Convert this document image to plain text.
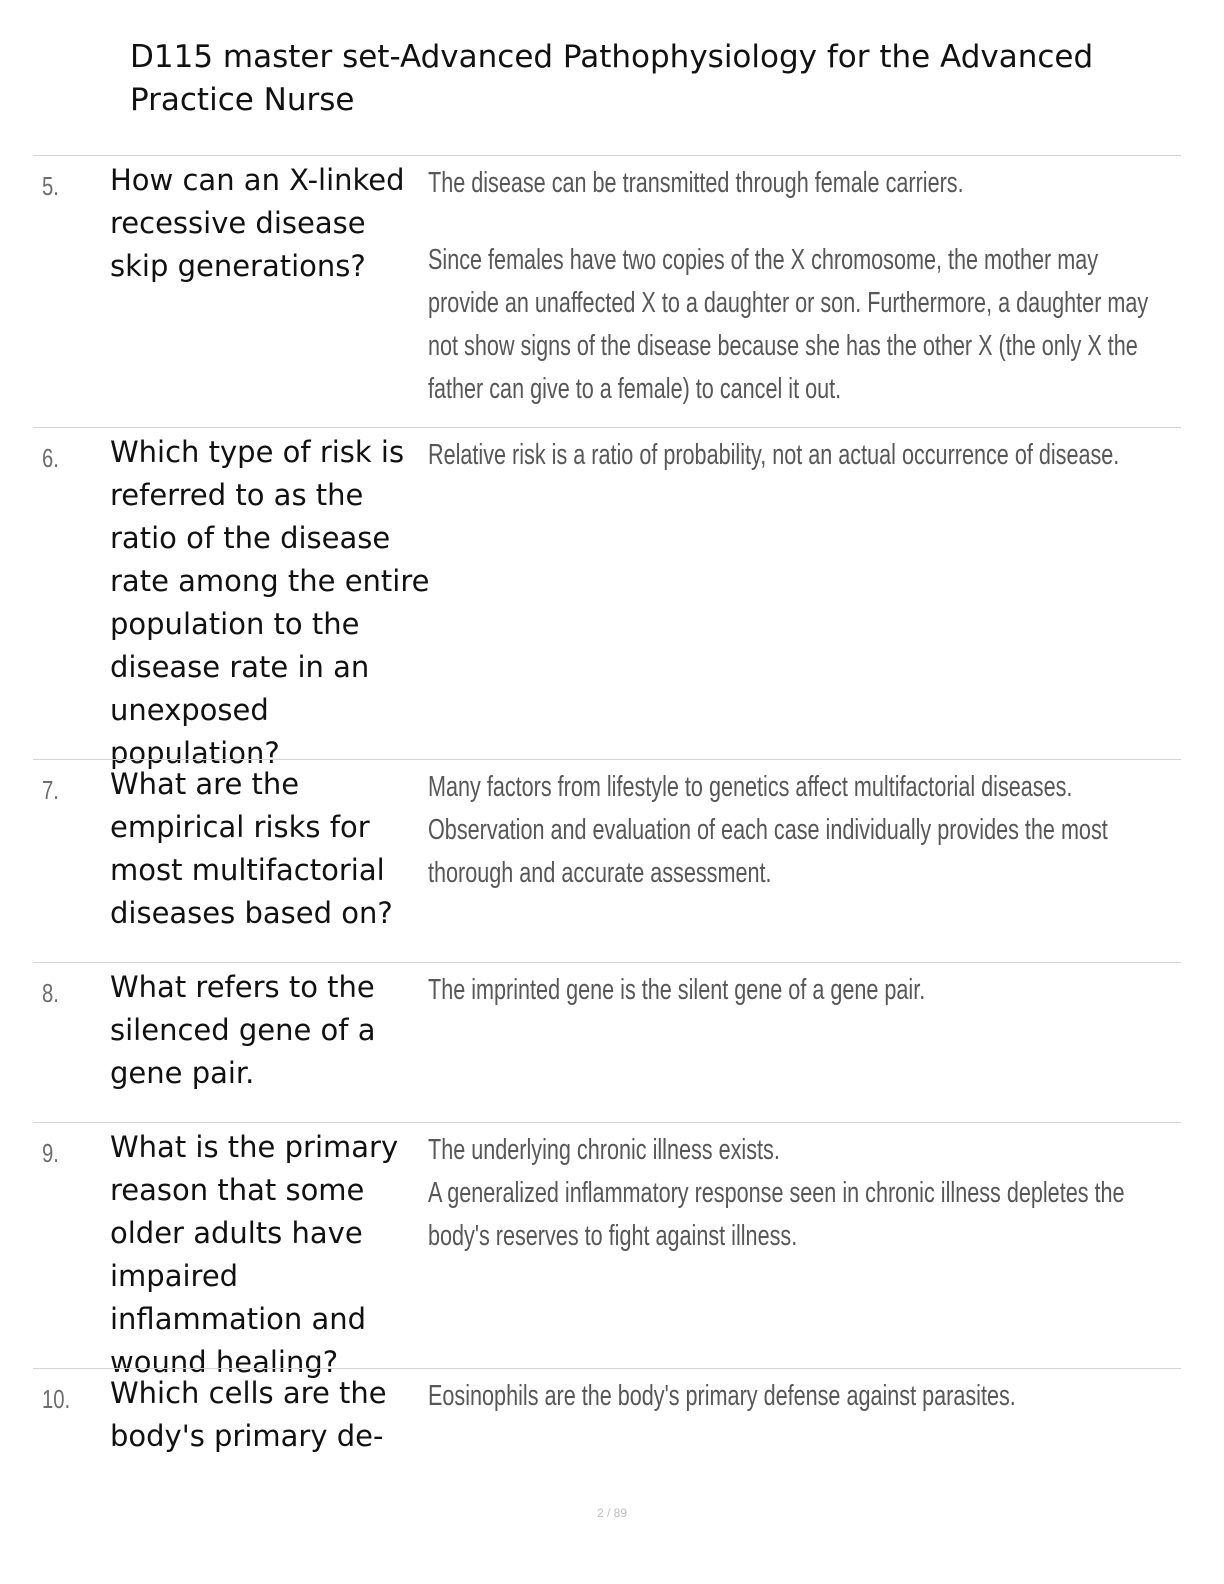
D115 master set-Advanced Pathophysiology for the Advanced Practice Nurse
5. How can an X-linked recessive disease skip generations?

The disease can be transmitted through female carriers.

Since females have two copies of the X chromosome, the mother may provide an unaffected X to a daughter or son. Furthermore, a daughter may not show signs of the disease because she has the other X (the only X the father can give to a female) to cancel it out.

6. Which type of risk is referred to as the ratio of the disease rate among the entire population to the disease rate in an unexposed population?

Relative risk is a ratio of probability, not an actual occurrence of disease.

7. What are the empirical risks for most multifactorial diseases based on?

Many factors from lifestyle to genetics affect multifactorial diseases. Observation and evaluation of each case individually provides the most thorough and accurate assessment.

8. What refers to the silenced gene of a gene pair.

The imprinted gene is the silent gene of a gene pair.

9. What is the primary reason that some older adults have impaired inflammation and wound healing?

The underlying chronic illness exists.

A generalized inflammatory response seen in chronic illness depletes the body's reserves to fight against illness.

10. Which cells are the body's primary de-

Eosinophils are the body's primary defense against parasites.

2 / 89
